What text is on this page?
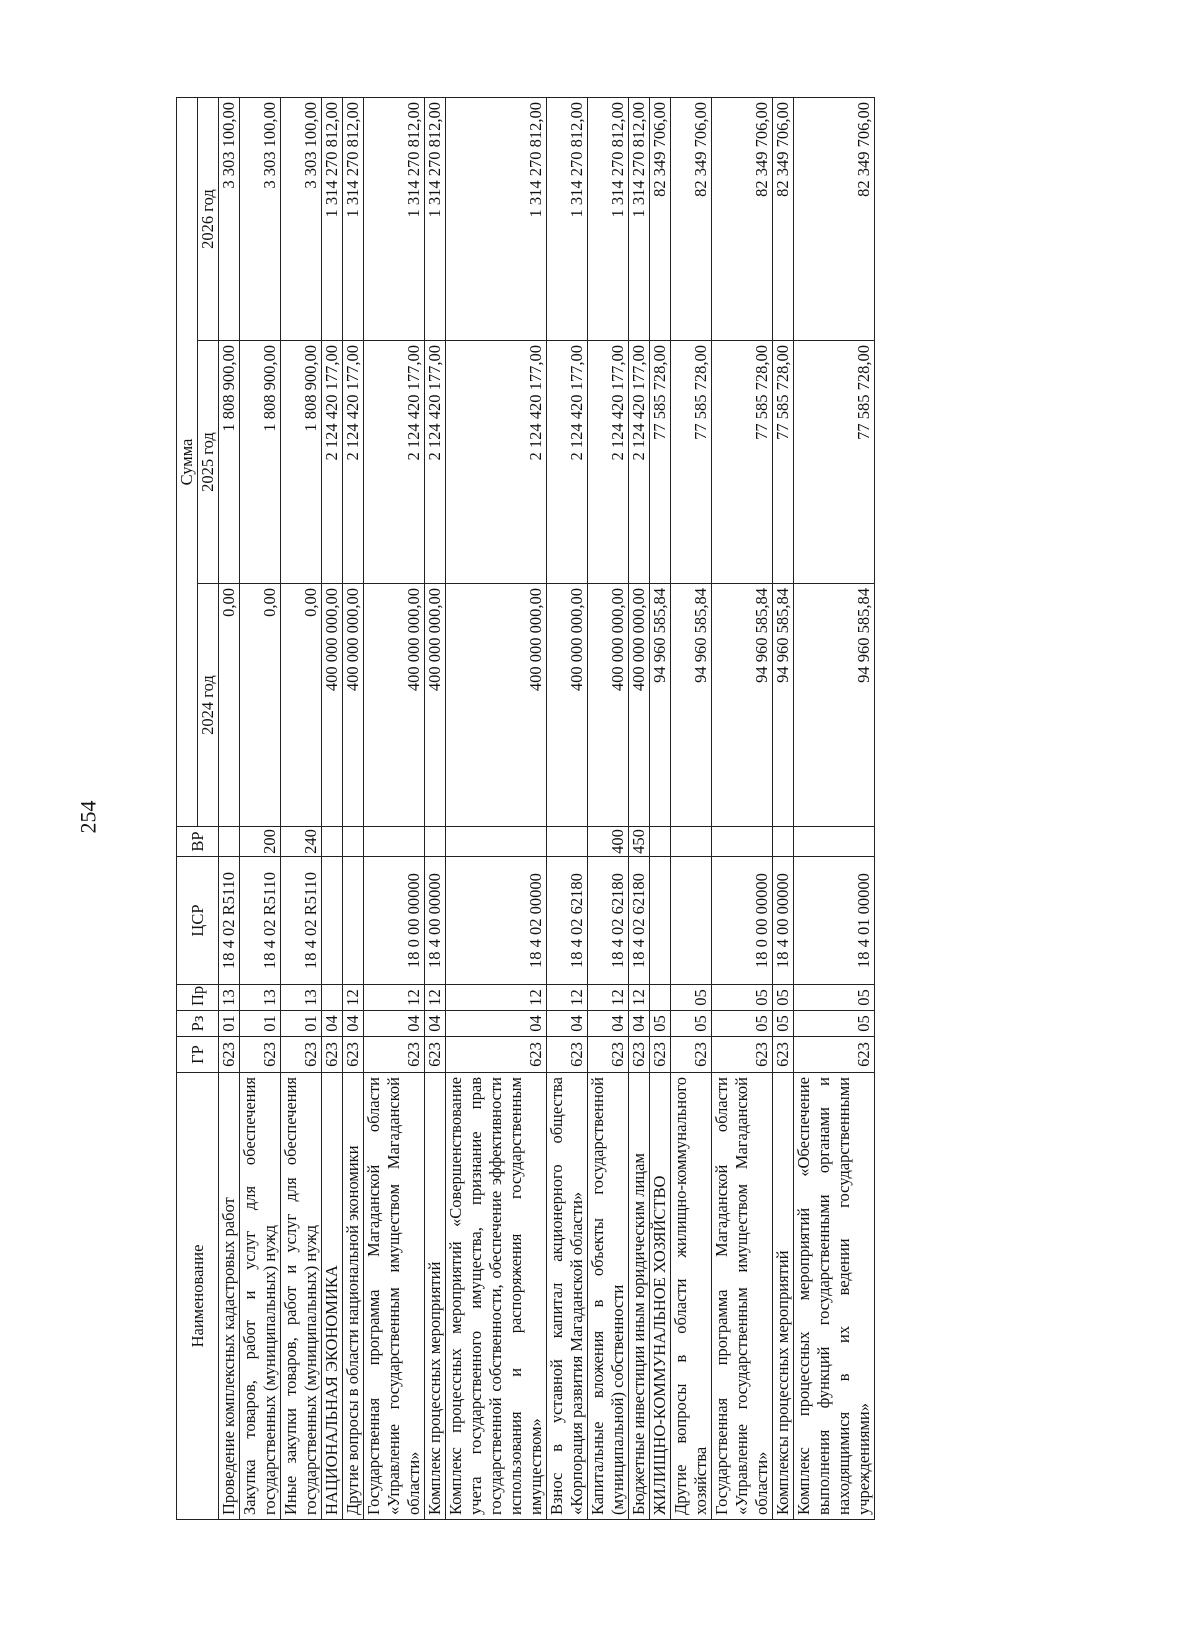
254
Наименование	ГР	Рз	Пр	ЦСР	ВР	Сумма		
						2024 год	2025 год	2026 год
Проведение комплексных кадастровых работ	623	01	13	18 4 02 R5110		0,00	1 808 900,00	3 303 100,00
Закупка товаров, работ и услуг для обеспечения государственных (муниципальных) нужд	623	01	13	18 4 02 R5110	200	0,00	1 808 900,00	3 303 100,00
Иные закупки товаров, работ и услуг для обеспечения государственных (муниципальных) нужд	623	01	13	18 4 02 R5110	240	0,00	1 808 900,00	3 303 100,00
НАЦИОНАЛЬНАЯ ЭКОНОМИКА	623	04				400 000 000,00	2 124 420 177,00	1 314 270 812,00
Другие вопросы в области национальной экономики	623	04	12			400 000 000,00	2 124 420 177,00	1 314 270 812,00
Государственная программа Магаданской области «Управление государственным имуществом Магаданской области»	623	04	12	18 0 00 00000		400 000 000,00	2 124 420 177,00	1 314 270 812,00
Комплекс процессных мероприятий	623	04	12	18 4 00 00000		400 000 000,00	2 124 420 177,00	1 314 270 812,00
Комплекс процессных мероприятий «Совершенствование учета государственного имущества, признание прав государственной собственности, обеспечение эффективности использования и распоряжения государственным имуществом»	623	04	12	18 4 02 00000		400 000 000,00	2 124 420 177,00	1 314 270 812,00
Взнос в уставной капитал акционерного общества «Корпорация развития Магаданской области»	623	04	12	18 4 02 62180		400 000 000,00	2 124 420 177,00	1 314 270 812,00
Капитальные вложения в объекты государственной (муниципальной) собственности	623	04	12	18 4 02 62180	400	400 000 000,00	2 124 420 177,00	1 314 270 812,00
Бюджетные инвестиции иным юридическим лицам	623	04	12	18 4 02 62180	450	400 000 000,00	2 124 420 177,00	1 314 270 812,00
ЖИЛИЩНО-КОММУНАЛЬНОЕ ХОЗЯЙСТВО	623	05				94 960 585,84	77 585 728,00	82 349 706,00
Другие вопросы в области жилищно-коммунального хозяйства	623	05	05			94 960 585,84	77 585 728,00	82 349 706,00
Государственная программа Магаданской области «Управление государственным имуществом Магаданской области»	623	05	05	18 0 00 00000		94 960 585,84	77 585 728,00	82 349 706,00
Комплексы процессных мероприятий	623	05	05	18 4 00 00000		94 960 585,84	77 585 728,00	82 349 706,00
Комплекс процессных мероприятий «Обеспечение выполнения функций государственными органами и находящимися в их ведении государственными учреждениями»	623	05	05	18 4 01 00000		94 960 585,84	77 585 728,00	82 349 706,00
